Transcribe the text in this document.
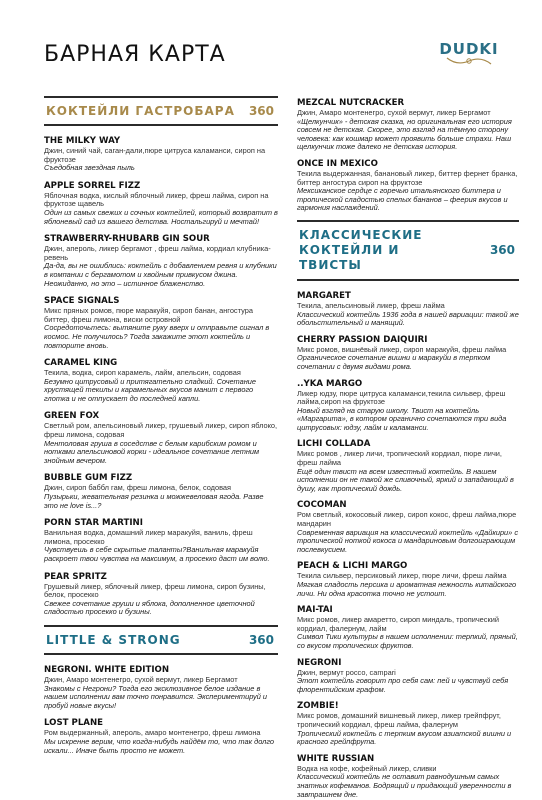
БАРНАЯ КАРТА	DUDKI
КОКТЕЙЛИ ГАСТРОБАРА 360
THE MILKY WAY
Джин, синий чай, саган-дали,пюре цитруса каламанси, сироп на фруктозе
Съедобная звездная пыль
APPLE SORREL FIZZ
Яблочная водка, кислый яблочный ликер, фреш лайма, сироп на фруктозе щавель
Один из самых свежих и сочных коктейлей, который возвратит в яблоневый сад из вашего детства. Ностальгируй и мечтай!
STRAWBERRY-RHUBARB GIN SOUR
Джин, апероль, ликер бергамот , фреш лайма, кордиал клубника-ревень
Да-да, вы не ошиблись: коктейль с добавлением ревня и клубники в компании с бергамотом и хвойным привкусом джина. Неожиданно, но это – истинное блаженство.
SPACE SIGNALS
Микс пряных ромов, пюре маракуйя, сироп банан, ангостура биттер, фреш лимона, виски островной
Сосредоточьтесь: вытяните руку вверх и отправьте сигнал в космос. Не получилось? Тогда закажите этот коктейль и повторите вновь.
CARAMEL KING
Текила, водка, сироп карамель, лайм, апельсин, содовая
Безумно цитрусовый и притягательно сладкий. Сочетание хрустящей текилы и карамельных вкусов манит с первого глотка и не отпускает до последней капли.
GREEN FOX
Светлый ром, апельсиновый ликер, грушевый ликер, сироп яблоко, фреш лимона, содовая
Ментоловая груша в соседстве с белым карибским ромом и нотками апельсиновой корки - идеальное сочетание летним знойным вечером.
BUBBLE GUM FIZZ
Джин, сироп баббл гам, фреш лимона, белок, содовая
Пузырьки, жевательная резинка и можжевеловая ягода. Разве это не love is...?
PORN STAR MARTINI
Ванильная водка, домашний ликер маракуйя, ваниль, фреш лимона, просекко
Чувствуешь в себе скрытые таланты?Ванильная маракуйя раскроет твои чувства на максимум, а просекко даст им волю.
PEAR SPRITZ
Грушевый ликер, яблочный ликер, фреш лимона, сироп бузины, белок, просекко
Свежее сочетание груши и яблока, дополненное цветочной сладостью просекко и бузины.
LITTLE & STRONG	360
NEGRONI. WHITE EDITION
Джин, Амаро монтенегро, сухой вермут, ликер Бергамот
Знакомы с Негрони? Тогда его эксклюзивное белое издание в нашем исполнении вам точно понравится. Экспериментируй и пробуй новые вкусы!
LOST PLANE
Ром выдержанный, апероль, амаро монтенегро, фреш лимона
Мы искренне верим, что когда-нибудь найдём то, что так долго искали... Иначе быть просто не может.
MEZCAL NUTCRACKER
Джин, Амаро монтенегро, сухой вермут, ликер Бергамот
«Щелкунчик» - детская сказка, но оригинальная его история совсем не детская. Скорее, это взгляд на тёмную сторону человека: как кошмар может проявить больше страхи. Наш щелкунчик тоже далеко не детская история.
ONCE IN MEXICO
Текила выдержанная, банановый ликер, биттер фернет бранка, биттер ангостура сироп на фруктозе
Мексиканское сердце с горечью итальянского биттера и тропической сладостью спелых бананов – феерия вкусов и гармония наслаждений.
КЛАССИЧЕСКИЕ КОКТЕЙЛИ И ТВИСТЫ
360
MARGARET
Текила, апельсиновый ликер, фреш лайма
Классический коктейль 1936 года в нашей вариации: такой же обольстительный и манящий.
CHERRY PASSION DAIQUIRI
Микс ромов, вишнёвый ликер, сироп маракуйя, фреш лайма
Органическое сочетание вишни и маракуйи в терпком сочетании с двумя видами рома.
..YKA MARGO
Ликер юдзу, пюре цитруса каламанси,текила сильвер, фреш лайма,сироп на фруктозе
Новый взгляд на старую школу. Твист на коктейль «Маргарита», в котором органично сочетаются три вида цитрусовых: юдзу, лайм и каламанси.
LICHI COLLADA
Микс ромов , ликер личи, тропический кордиал, пюре личи, фреш лайма
Ещё один твист на всем известный коктейль. В нашем исполнении он не такой же сливочный, яркий и западающий в душу, как тропический дождь.
COCOMAN
Ром светлый, кокосовый ликер, сироп кокос, фреш лайма,пюре мандарин
Современная вариация на классический коктейль «Дайкири» с тропической ноткой кокоса и мандариновым долгоиграющим послевкусием.
PEACH & LICHI MARGO
Текила сильвер, персиковый ликер, пюре личи, фреш лайма
Мягкая сладость персика и ароматная нежность китайского личи. Ни одна красотка точно не устоит.
MAI-TAI
Микс ромов, ликер амаретто, сироп миндаль, тропический кордиал, фалернум, лайм
Символ Тики культуры в нашем исполнении: терпкий, пряный, со вкусом тропических фруктов.
NEGRONI
Джин, вермут россо, campari
Этот коктейль говорит про себя сам: пей и чувствуй себя флорентийским графом.
ZOMBIE!
Микс ромов, домашний вишневый ликер, ликер грейпфрут, тропический кордиал, фреш лайма, фалернум
Тропический коктейль с терпким вкусом азиатской вишни и красного грейпфрута.
WHITE RUSSIAN
Водка на кофе, кофейный ликер, сливки
Классический коктейль не оставит равнодушным самых знатных кофеманов. Бодрящий и придающий уверенности в завтрашнем дне.
